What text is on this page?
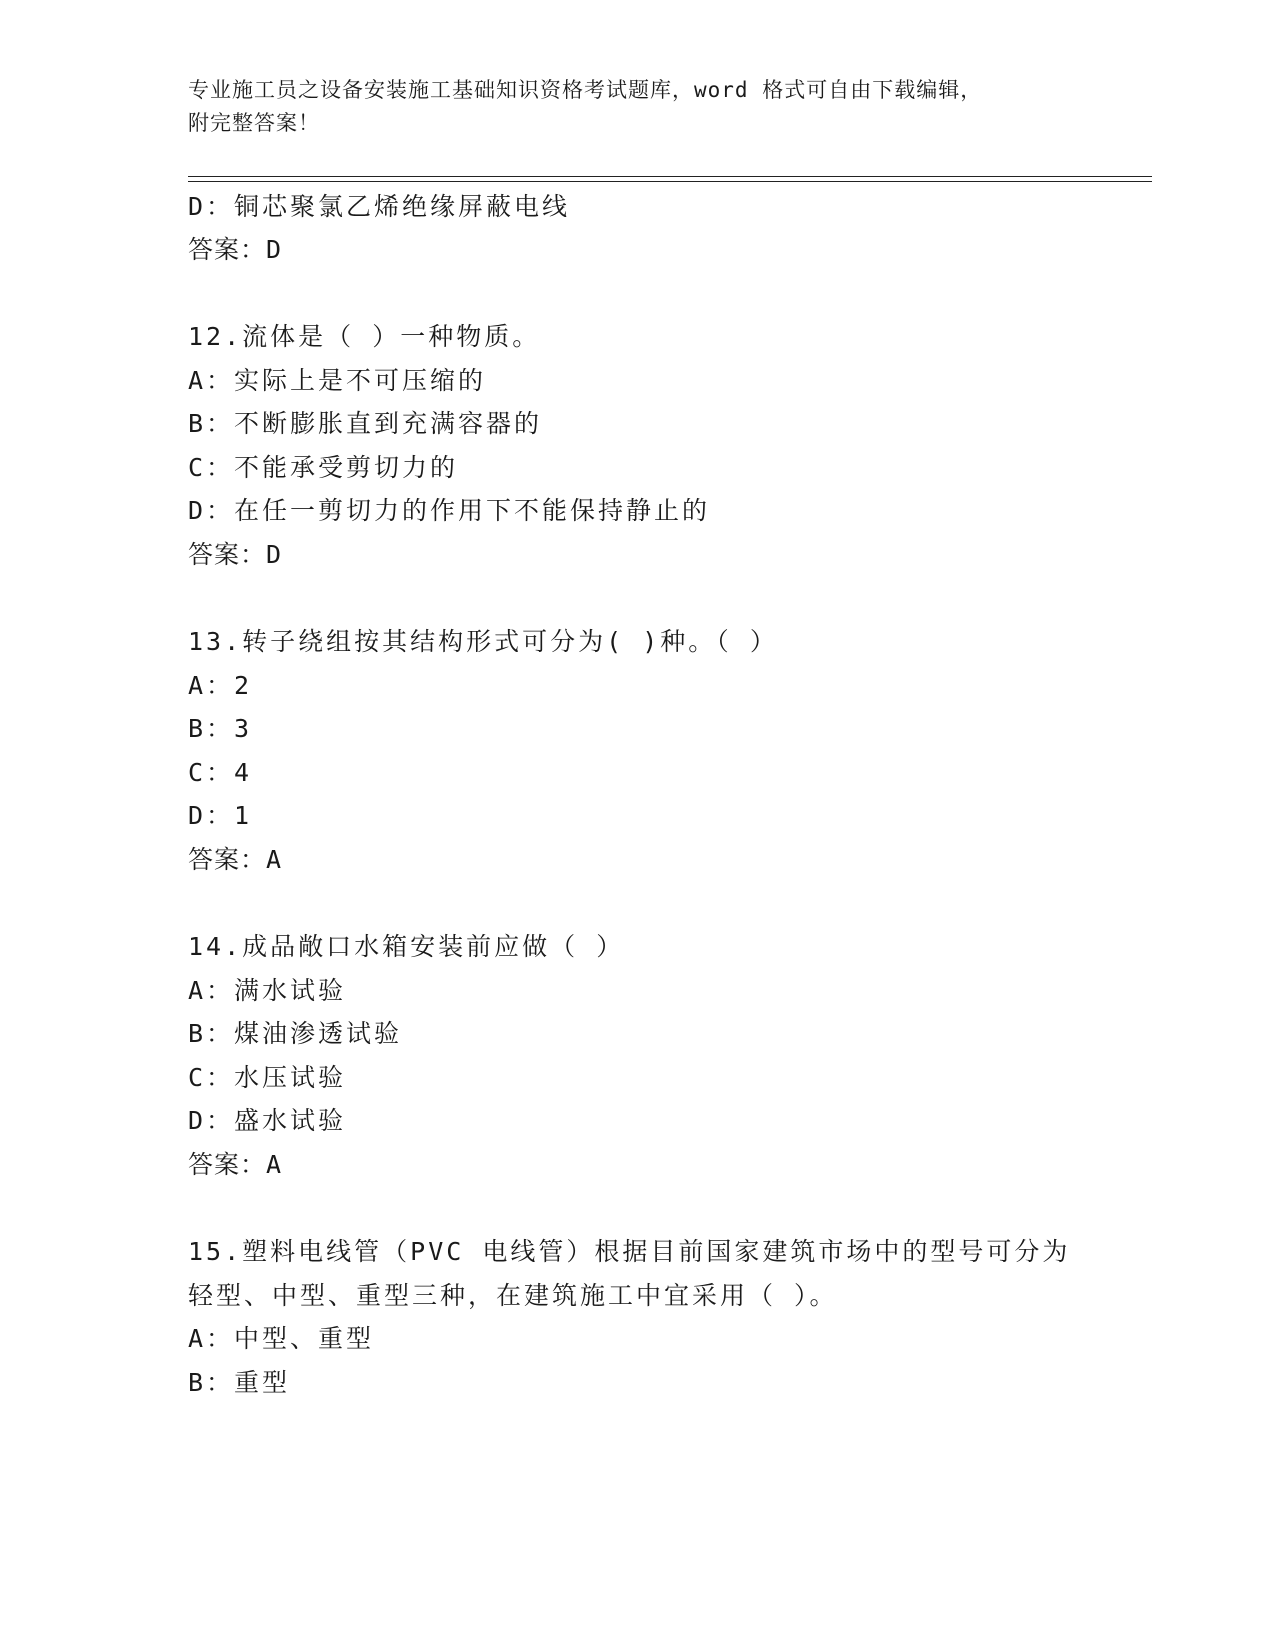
专业施工员之设备安装施工基础知识资格考试题库，word 格式可自由下载编辑，
附完整答案！
D：铜芯聚氯乙烯绝缘屏蔽电线
答案：D
12.流体是（ ）一种物质。
A：实际上是不可压缩的
B：不断膨胀直到充满容器的
C：不能承受剪切力的
D：在任一剪切力的作用下不能保持静止的
答案：D
13.转子绕组按其结构形式可分为( )种。（ ）
A：2
B：3
C：4
D：1
答案：A
14.成品敞口水箱安装前应做（ ）
A：满水试验
B：煤油渗透试验
C：水压试验
D：盛水试验
答案：A
15.塑料电线管（PVC 电线管）根据目前国家建筑市场中的型号可分为
轻型、中型、重型三种，在建筑施工中宜采用（ ）。
A：中型、重型
B：重型
